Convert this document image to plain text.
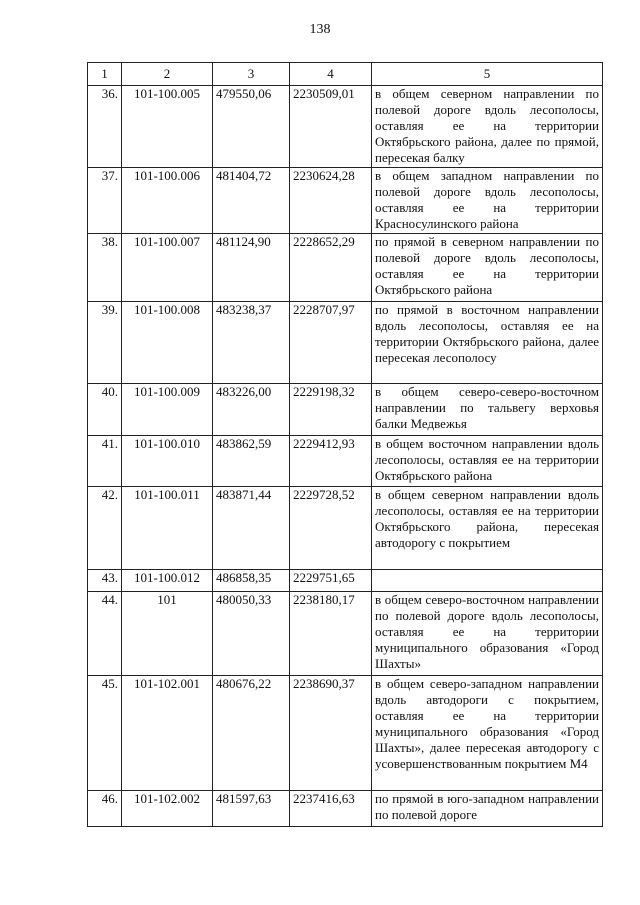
138
1	2	3	4	5
36.	101-100.005	479550,06	2230509,01	в общем северном направлении по полевой дороге вдоль лесополосы, оставляя ее на территории Октябрьского района, далее по прямой, пересекая балку
37.	101-100.006	481404,72	2230624,28	в общем западном направлении по полевой дороге вдоль лесополосы, оставляя ее на территории Красносулинского района
38.	101-100.007	481124,90	2228652,29	по прямой в северном направлении по полевой дороге вдоль лесополосы, оставляя ее на территории Октябрьского района
39.	101-100.008	483238,37	2228707,97	по прямой в восточном направлении вдоль лесополосы, оставляя ее на территории Октябрьского района, далее пересекая лесополосу
40.	101-100.009	483226,00	2229198,32	в общем северо-северо-восточном направлении по тальвегу верховья балки Медвежья
41.	101-100.010	483862,59	2229412,93	в общем восточном направлении вдоль лесополосы, оставляя ее на территории Октябрьского района
42.	101-100.011	483871,44	2229728,52	в общем северном направлении вдоль лесополосы, оставляя ее на территории Октябрьского района, пересекая автодорогу с покрытием
43.	101-100.012	486858,35	2229751,65	
44.	101	480050,33	2238180,17	в общем северо-восточном направлении по полевой дороге вдоль лесополосы, оставляя ее на территории муниципального образования «Город Шахты»
45.	101-102.001	480676,22	2238690,37	в общем северо-западном направлении вдоль автодороги с покрытием, оставляя ее на территории муниципального образования «Город Шахты», далее пересекая автодорогу с усовершенствованным покрытием М4
46.	101-102.002	481597,63	2237416,63	по прямой в юго-западном направлении по полевой дороге
